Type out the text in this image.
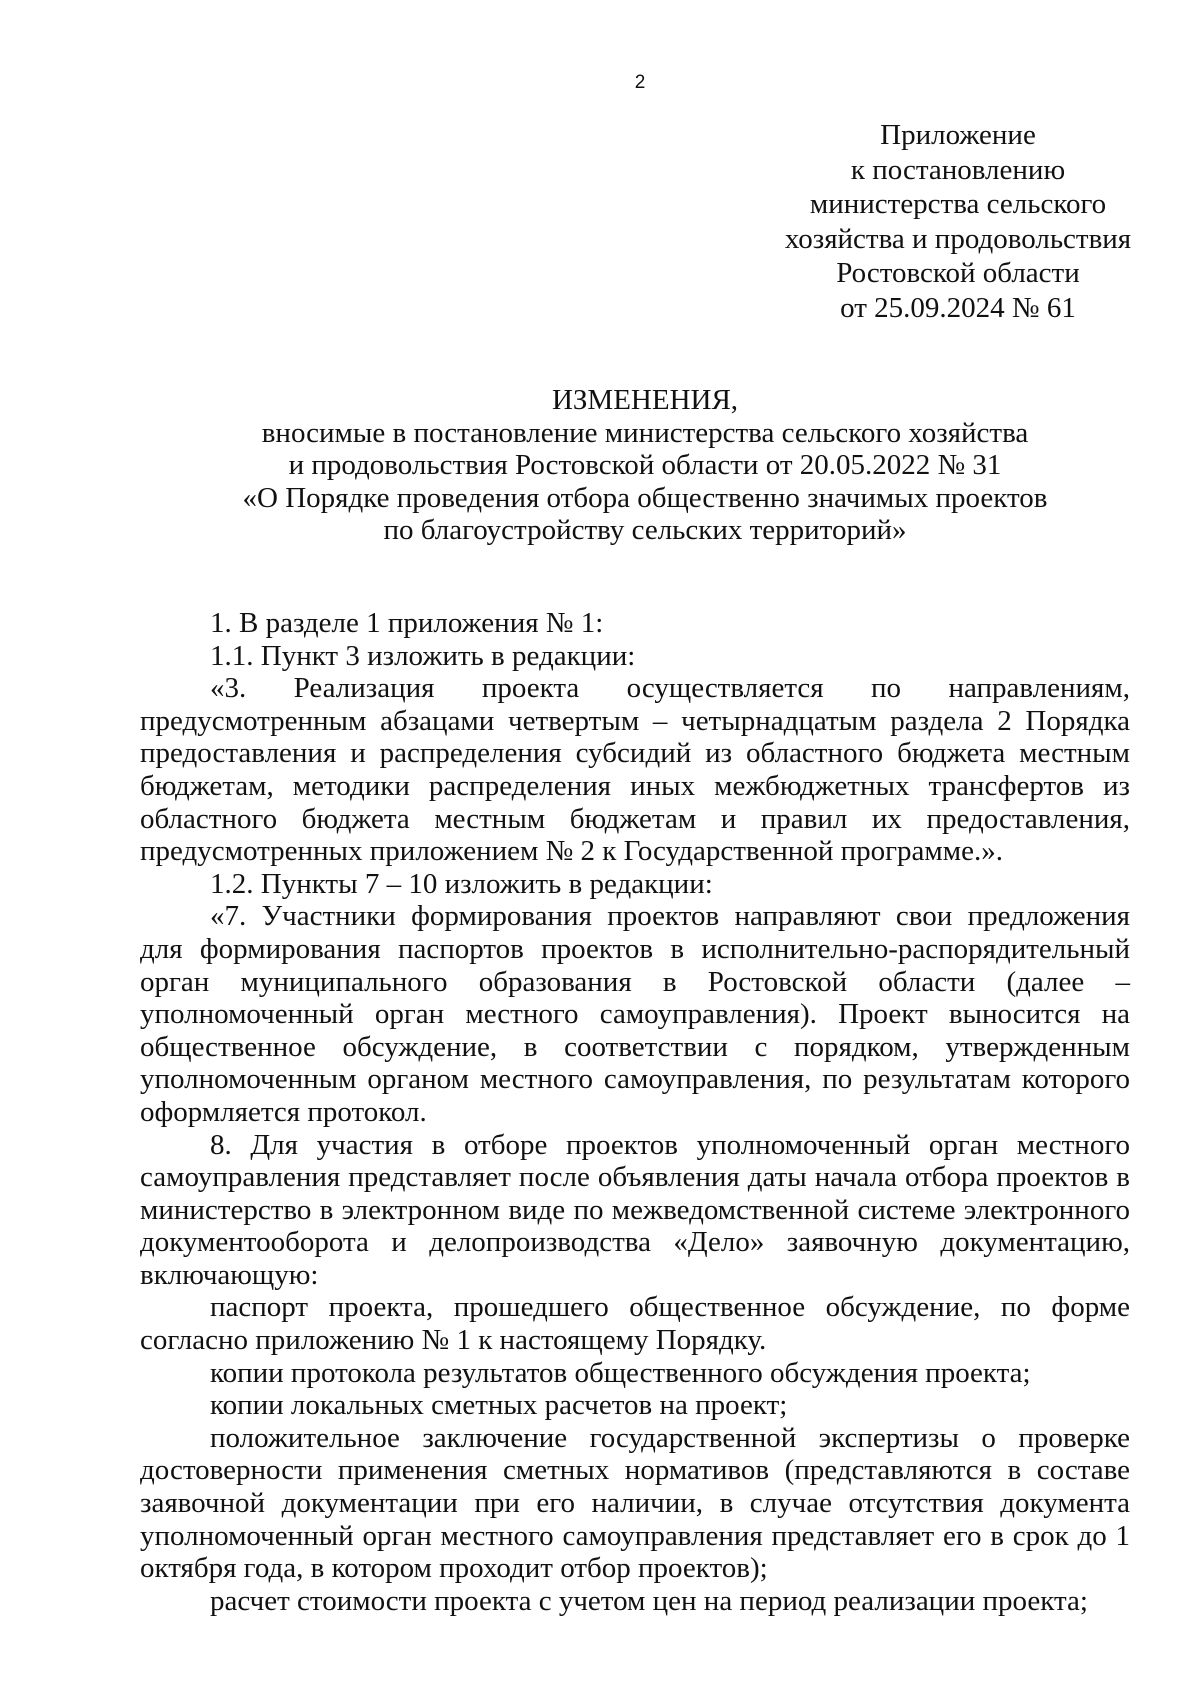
2
Приложение
к постановлению
министерства сельского
хозяйства и продовольствия
Ростовской области
от 25.09.2024 № 61
ИЗМЕНЕНИЯ,
вносимые в постановление министерства сельского хозяйства
и продовольствия Ростовской области от 20.05.2022 № 31
«О Порядке проведения отбора общественно значимых проектов
по благоустройству сельских территорий»

1. В разделе 1 приложения № 1:

1.1. Пункт 3 изложить в редакции:

«3. Реализация проекта осуществляется по направлениям, предусмотренным абзацами четвертым – четырнадцатым раздела 2 Порядка предоставления и распределения субсидий из областного бюджета местным бюджетам, методики распределения иных межбюджетных трансфертов из областного бюджета местным бюджетам и правил их предоставления, предусмотренных приложением № 2 к Государственной программе.».

1.2. Пункты 7 – 10 изложить в редакции:

«7. Участники формирования проектов направляют свои предложения для формирования паспортов проектов в исполнительно-распорядительный орган муниципального образования в Ростовской области (далее – уполномоченный орган местного самоуправления). Проект выносится на общественное обсуждение, в соответствии с порядком, утвержденным уполномоченным органом местного самоуправления, по результатам которого оформляется протокол.

8. Для участия в отборе проектов уполномоченный орган местного самоуправления представляет после объявления даты начала отбора проектов в министерство в электронном виде по межведомственной системе электронного документооборота и делопроизводства «Дело» заявочную документацию, включающую:

паспорт проекта, прошедшего общественное обсуждение, по форме согласно приложению № 1 к настоящему Порядку.

копии протокола результатов общественного обсуждения проекта;

копии локальных сметных расчетов на проект;

положительное заключение государственной экспертизы о проверке достоверности применения сметных нормативов (представляются в составе заявочной документации при его наличии, в случае отсутствия документа уполномоченный орган местного самоуправления представляет его в срок до 1 октября года, в котором проходит отбор проектов);

расчет стоимости проекта с учетом цен на период реализации проекта;
